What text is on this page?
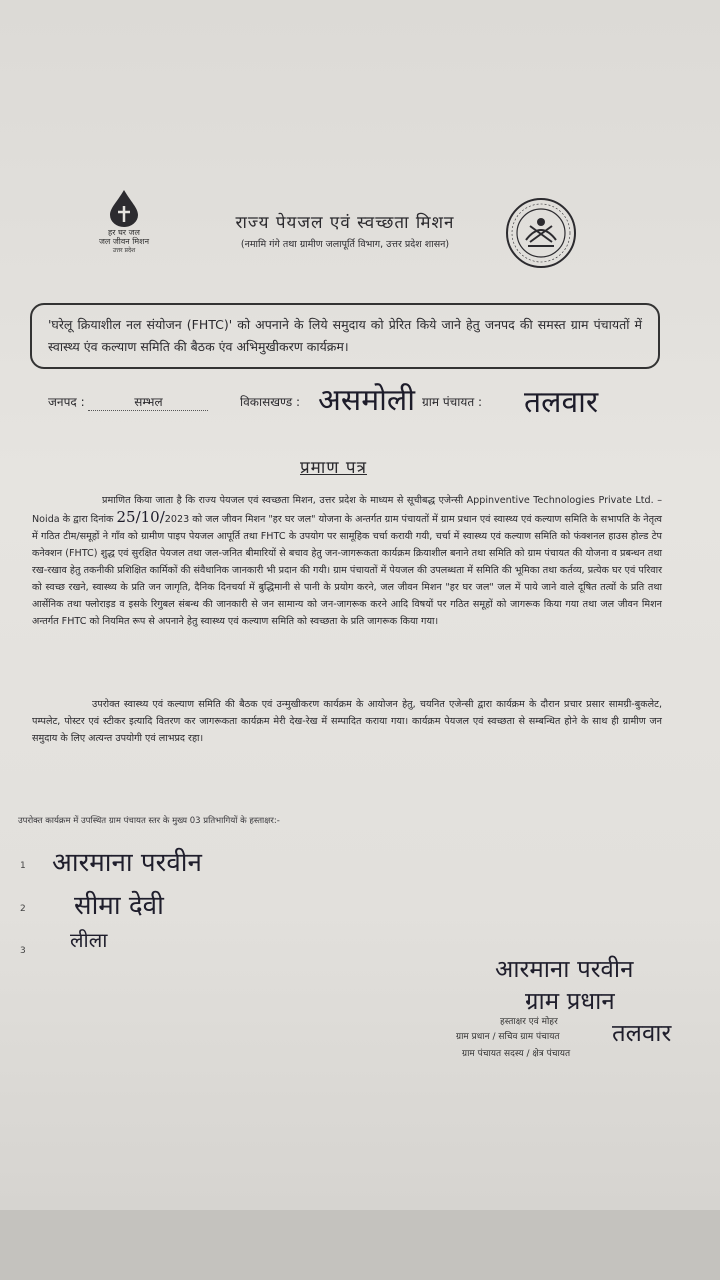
हर घर जल
जल जीवन मिशन
उत्तर प्रदेश
राज्य पेयजल एवं स्वच्छता मिशन
(नमामि गंगे तथा ग्रामीण जलापूर्ति विभाग, उत्तर प्रदेश शासन)
'घरेलू क्रियाशील नल संयोजन (FHTC)' को अपनाने के लिये समुदाय को प्रेरित किये जाने हेतु जनपद की समस्त ग्राम पंचायतों में स्वास्थ्य एंव कल्याण समिति की बैठक एंव अभिमुखीकरण कार्यक्रम।
जनपद :	सम्भल	विकासखण्ड : असमोली ग्राम पंचायत : तलवार
प्रमाण पत्र
प्रमाणित किया जाता है कि राज्य पेयजल एवं स्वच्छता मिशन, उत्तर प्रदेश के माध्यम से सूचीबद्ध एजेन्सी Appinventive Technologies Private Ltd. – Noida के द्वारा दिनांक 25/10/2023 को जल जीवन मिशन "हर घर जल" योजना के अन्तर्गत ग्राम पंचायतों में ग्राम प्रधान एवं स्वास्थ्य एवं कल्याण समिति के सभापति के नेतृत्व में गठित टीम/समूहों ने गाँव को ग्रामीण पाइप पेयजल आपूर्ति तथा FHTC के उपयोग पर सामूहिक चर्चा करायी गयी, चर्चा में स्वास्थ्य एवं कल्याण समिति को फंक्शनल हाउस होल्ड टेप कनेक्शन (FHTC) शुद्ध एवं सुरक्षित पेयजल तथा जल-जनित बीमारियों से बचाव हेतु जन-जागरूकता कार्यक्रम क्रियाशील बनाने तथा समिति को ग्राम पंचायत की योजना व प्रबन्धन तथा रख-रखाव हेतु तकनीकी प्रशिक्षित कार्मिकों की संवैधानिक जानकारी भी प्रदान की गयी। ग्राम पंचायतों में पेयजल की उपलब्धता में समिति की भूमिका तथा कर्तव्य, प्रत्येक घर एवं परिवार को स्वच्छ रखने, स्वास्थ्य के प्रति जन जागृति, दैनिक दिनचर्या में बुद्धिमानी से पानी के प्रयोग करने, जल जीवन मिशन "हर घर जल" जल में पाये जाने वाले दूषित तत्वों के प्रति तथा आर्सेनिक तथा फ्लोराइड व इसके रिगुबल संबन्ध की जानकारी से जन सामान्य को जन-जागरूक करने आदि विषयों पर गठित समूहों को जागरूक किया गया तथा जल जीवन मिशन अन्तर्गत FHTC को नियमित रूप से अपनाने हेतु स्वास्थ्य एवं कल्याण समिति को स्वच्छता के प्रति जागरूक किया गया।
उपरोक्त स्वास्थ्य एवं कल्याण समिति की बैठक एवं उन्मुखीकरण कार्यक्रम के आयोजन हेतु, चयनित एजेन्सी द्वारा कार्यक्रम के दौरान प्रचार प्रसार सामग्री-बुकलेट, पम्पलेट, पोस्टर एवं स्टीकर इत्यादि वितरण कर जागरूकता कार्यक्रम मेरी देख-रेख में सम्पादित कराया गया। कार्यक्रम पेयजल एवं स्वच्छता से सम्बन्धित होने के साथ ही ग्रामीण जन समुदाय के लिए अत्यन्त उपयोगी एवं लाभप्रद रहा।
उपरोक्त कार्यक्रम में उपस्थित ग्राम पंचायत स्तर के मुख्य 03 प्रतिभागियों के हस्ताक्षर:-
1
2
3
आरमाना परवीन
सीमा देवी
लीला
आरमाना परवीन
ग्राम प्रधान
हस्ताक्षर एवं मोहर
ग्राम प्रधान / सचिव ग्राम पंचायत तलवार
ग्राम पंचायत सदस्य / क्षेत्र पंचायत
